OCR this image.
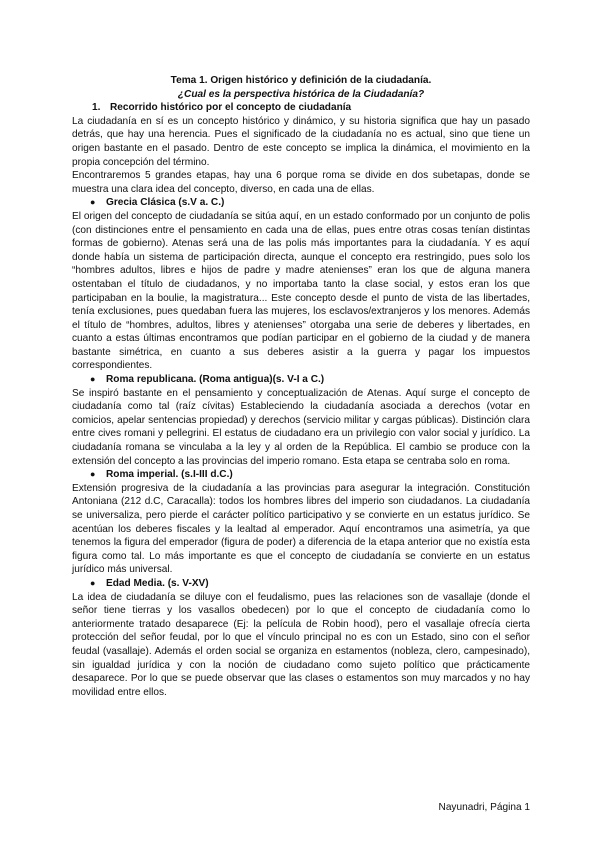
Tema 1. Origen histórico y definición de la ciudadanía.

¿Cual es la perspectiva histórica de la Ciudadanía?

1. Recorrido histórico por el concepto de ciudadanía

La ciudadanía en sí es un concepto histórico y dinámico, y su historia significa que hay un pasado detrás, que hay una herencia. Pues el significado de la ciudadanía no es actual, sino que tiene un origen bastante en el pasado. Dentro de este concepto se implica la dinámica, el movimiento en la propia concepción del término.

Encontraremos 5 grandes etapas, hay una 6 porque roma se divide en dos subetapas, donde se muestra una clara idea del concepto, diverso, en cada una de ellas.

● Grecia Clásica (s.V a. C.)

El origen del concepto de ciudadanía se sitúa aquí, en un estado conformado por un conjunto de polis (con distinciones entre el pensamiento en cada una de ellas, pues entre otras cosas tenían distintas formas de gobierno). Atenas será una de las polis más importantes para la ciudadanía. Y es aquí donde había un sistema de participación directa, aunque el concepto era restringido, pues solo los “hombres adultos, libres e hijos de padre y madre atenienses” eran los que de alguna manera ostentaban el título de ciudadanos, y no importaba tanto la clase social, y estos eran los que participaban en la boulie, la magistratura... Este concepto desde el punto de vista de las libertades, tenía exclusiones, pues quedaban fuera las mujeres, los esclavos/extranjeros y los menores. Además el título de “hombres, adultos, libres y atenienses” otorgaba una serie de deberes y libertades, en cuanto a estas últimas encontramos que podían participar en el gobierno de la ciudad y de manera bastante simétrica, en cuanto a sus deberes asistir a la guerra y pagar los impuestos correspondientes.

● Roma republicana. (Roma antigua)(s. V-I a C.)

Se inspiró bastante en el pensamiento y conceptualización de Atenas. Aquí surge el concepto de ciudadanía como tal (raíz cívitas) Estableciendo la ciudadanía asociada a derechos (votar en comicios, apelar sentencias propiedad) y derechos (servicio militar y cargas públicas). Distinción clara entre cives romani y pellegrini. El estatus de ciudadano era un privilegio con valor social y jurídico. La ciudadanía romana se vinculaba a la ley y al orden de la República. El cambio se produce con la extensión del concepto a las provincias del imperio romano. Esta etapa se centraba solo en roma.

● Roma imperial. (s.I-III d.C.)

Extensión progresiva de la ciudadanía a las provincias para asegurar la integración. Constitución Antoniana (212 d.C, Caracalla): todos los hombres libres del imperio son ciudadanos. La ciudadanía se universaliza, pero pierde el carácter político participativo y se convierte en un estatus jurídico. Se acentúan los deberes fiscales y la lealtad al emperador. Aquí encontramos una asimetría, ya que tenemos la figura del emperador (figura de poder) a diferencia de la etapa anterior que no existía esta figura como tal. Lo más importante es que el concepto de ciudadanía se convierte en un estatus jurídico más universal.

● Edad Media. (s. V-XV)

La idea de ciudadanía se diluye con el feudalismo, pues las relaciones son de vasallaje (donde el señor tiene tierras y los vasallos obedecen) por lo que el concepto de ciudadanía como lo anteriormente tratado desaparece (Ej: la película de Robin hood), pero el vasallaje ofrecía cierta protección del señor feudal, por lo que el vínculo principal no es con un Estado, sino con el señor feudal (vasallaje). Además el orden social se organiza en estamentos (nobleza, clero, campesinado), sin igualdad jurídica y con la noción de ciudadano como sujeto político que prácticamente desaparece. Por lo que se puede observar que las clases o estamentos son muy marcados y no hay movilidad entre ellos.

Nayunadri, Página 1
